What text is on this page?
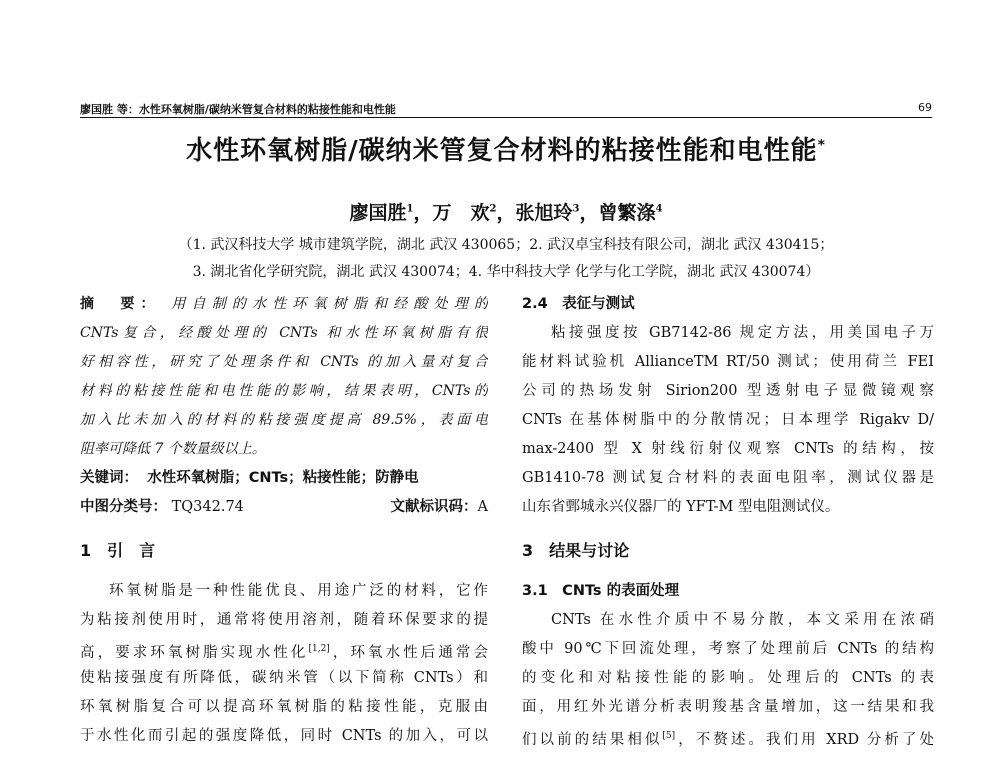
廖国胜 等：水性环氧树脂/碳纳米管复合材料的粘接性能和电性能	69
水性环氧树脂/碳纳米管复合材料的粘接性能和电性能*
廖国胜$^1$，万　欢$^2$，张旭玲$^3$，曾繁涤$^4$
（1. 武汉科技大学 城市建筑学院，湖北 武汉 430065；2. 武汉卓宝科技有限公司，湖北 武汉 430415；
3. 湖北省化学研究院，湖北 武汉 430074；4. 华中科技大学 化学与化工学院，湖北 武汉 430074）
摘　要： 用自制的水性环氧树脂和经酸处理的
CNTs复合，经酸处理的 CNTs 和水性环氧树脂有很
好相容性，研究了处理条件和 CNTs 的加入量对复合
材料的粘接性能和电性能的影响，结果表明，CNTs的
加入比未加入的材料的粘接强度提高 89.5%，表面电
阻率可降低 7 个数量级以上。
关键词： 水性环氧树脂；CNTs；粘接性能；防静电
中图分类号： TQ342.74	文献标识码：A
1　引　言
环氧树脂是一种性能优良、用途广泛的材料，它作
为粘接剂使用时，通常将使用溶剂，随着环保要求的提
高，要求环氧树脂实现水性化[1,2]，环氧水性后通常会
使粘接强度有所降低，碳纳米管（以下简称 CNTs）和
环氧树脂复合可以提高环氧树脂的粘接性能，克服由
于水性化而引起的强度降低，同时 CNTs 的加入，可以
2.4　表征与测试
粘接强度按 GB7142-86 规定方法，用美国电子万
能材料试验机 AllianceTM RT/50 测试；使用荷兰 FEI
公司的热场发射 Sirion200 型透射电子显微镜观察
CNTs 在基体树脂中的分散情况；日本理学 Rigakv D/
max-2400 型 X 射线衍射仪观察 CNTs 的结构，按
GB1410-78 测试复合材料的表面电阻率，测试仪器是
山东省鄄城永兴仪器厂的 YFT-M 型电阻测试仪。
3　结果与讨论
3.1　CNTs 的表面处理
CNTs 在水性介质中不易分散，本文采用在浓硝
酸中 90℃下回流处理，考察了处理前后 CNTs 的结构
的变化和对粘接性能的影响。处理后的 CNTs 的表
面，用红外光谱分析表明羧基含量增加，这一结果和我
们以前的结果相似[5]，不赘述。我们用 XRD 分析了处
